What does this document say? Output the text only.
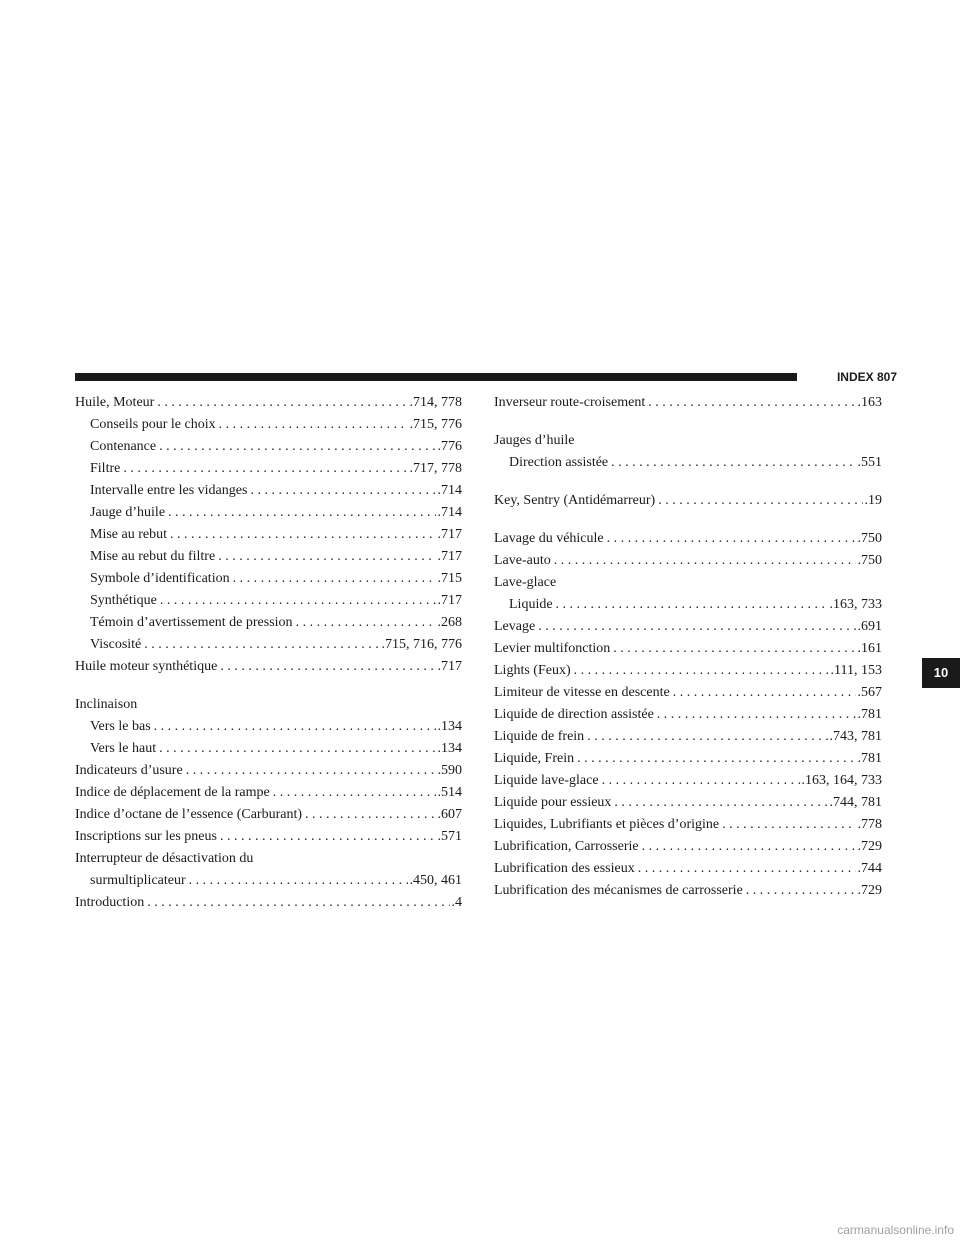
INDEX 807
Huile, Moteur . . .	.714, 778
Conseils pour le choix . . .	.715, 776
Contenance . . .	.776
Filtre . . .	.717, 778
Intervalle entre les vidanges . . .	.714
Jauge d’huile . . .	.714
Mise au rebut . . .	.717
Mise au rebut du filtre . . .	.717
Symbole d’identification . . .	.715
Synthétique . . .	.717
Témoin d’avertissement de pression . . .	.268
Viscosité . . .	.715, 716, 776
Huile moteur synthétique . . .	.717
Inclinaison
Vers le bas . . .	.134
Vers le haut . . .	.134
Indicateurs d’usure . . .	.590
Indice de déplacement de la rampe . . .	.514
Indice d’octane de l’essence (Carburant) . . .	.607
Inscriptions sur les pneus . . .	.571
Interrupteur de désactivation du
surmultiplicateur . . .	.450, 461
Introduction . . .	.4
Inverseur route-croisement . . .	.163
Jauges d’huile
Direction assistée . . .	.551
Key, Sentry (Antidémarreur) . . .	.19
Lavage du véhicule . . .	.750
Lave-auto . . .	.750
Lave-glace
Liquide . . .	.163, 733
Levage . . .	.691
Levier multifonction . . .	.161
Lights (Feux) . . .	.111, 153
Limiteur de vitesse en descente . . .	.567
Liquide de direction assistée . . .	.781
Liquide de frein . . .	.743, 781
Liquide, Frein . . .	.781
Liquide lave-glace . . .	.163, 164, 733
Liquide pour essieux . . .	.744, 781
Liquides, Lubrifiants et pièces d’origine . . .	.778
Lubrification, Carrosserie . . .	.729
Lubrification des essieux . . .	.744
Lubrification des mécanismes de carrosserie . . .	.729
10
carmanualsonline.info
